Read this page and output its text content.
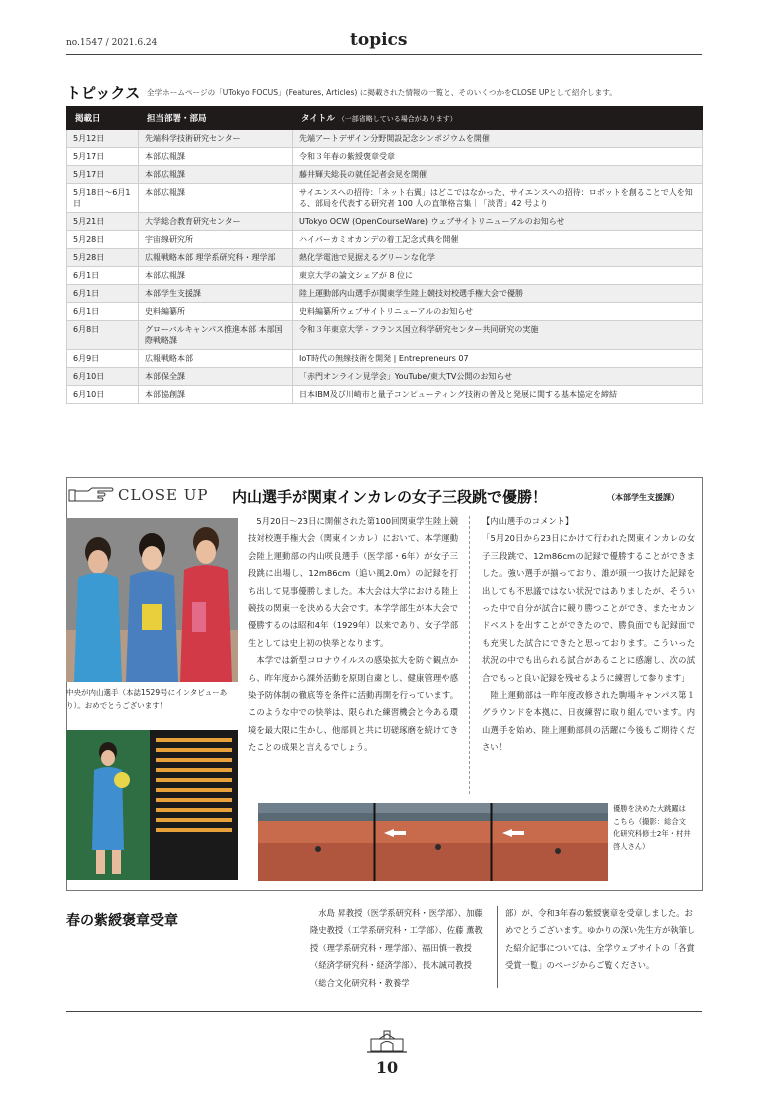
no.1547 / 2021.6.24	topics
トピックス 全学ホームページの「UTokyo FOCUS」(Features, Articles) に掲載された情報の一覧と、そのいくつかをCLOSE UPとして紹介します。
掲載日	担当部署・部局	タイトル （一部省略している場合があります）
5月12日	先端科学技術研究センター	先端アートデザイン分野開設記念シンポジウムを開催
5月17日	本部広報課	令和３年春の紫綬褒章受章
5月17日	本部広報課	藤井輝夫総長の就任記者会見を開催
5月18日～6月1日	本部広報課	サイエンスへの招待：「ネット右翼」はどこではなかった、サイエンスへの招待：ロボットを創ることで人を知る、部局を代表する研究者 100 人の直筆格言集｜「淡青」42 号より
5月21日	大学総合教育研究センター	UTokyo OCW (OpenCourseWare) ウェブサイトリニューアルのお知らせ
5月28日	宇宙線研究所	ハイパーカミオカンデの着工記念式典を開催
5月28日	広報戦略本部 理学系研究科・理学部	熱化学電池で見据えるグリーンな化学
6月1日	本部広報課	東京大学の論文シェアが 8 位に
6月1日	本部学生支援課	陸上運動部内山選手が関東学生陸上競技対校選手権大会で優勝
6月1日	史料編纂所	史料編纂所ウェブサイトリニューアルのお知らせ
6月8日	グローバルキャンパス推進本部 本部国際戦略課	令和３年東京大学 - フランス国立科学研究センター共同研究の実施
6月9日	広報戦略本部	IoT時代の無線技術を開発 | Entrepreneurs 07
6月10日	本部保全課	「赤門オンライン見学会」YouTube/東大TV公開のお知らせ
6月10日	本部協創課	日本IBM及び川崎市と量子コンピューティング技術の普及と発展に関する基本協定を締結
CLOSE UP 内山選手が関東インカレの女子三段跳で優勝！	（本部学生支援課）
中央が内山選手（本誌1529号にインタビューあり）。おめでとうございます！
　5月20日～23日に開催された第100回関東学生陸上競技対校選手権大会（関東インカレ）において、本学運動会陸上運動部の内山咲良選手（医学部・6年）が女子三段跳に出場し、12m86cm（追い風2.0m）の記録を打ち出して見事優勝しました。本大会は大学における陸上競技の関東一を決める大会です。本学学部生が本大会で優勝するのは昭和4年（1929年）以来であり、女子学部生としては史上初の快挙となります。
　本学では新型コロナウイルスの感染拡大を防ぐ観点から、昨年度から課外活動を原則自粛とし、健康管理や感染予防体制の徹底等を条件に活動再開を行っています。このような中での快挙は、限られた練習機会と今ある環境を最大限に生かし、他部員と共に切磋琢磨を続けてきたことの成果と言えるでしょう。
【内山選手のコメント】
「5月20日から23日にかけて行われた関東インカレの女子三段跳で、12m86cmの記録で優勝することができました。強い選手が揃っており、誰が頭一つ抜けた記録を出しても不思議ではない状況ではありましたが、そういった中で自分が試合に競り勝つことができ、またセカンドベストを出すことができたので、勝負面でも記録面でも充実した試合にできたと思っております。こういった状況の中でも出られる試合があることに感謝し、次の試合でもっと良い記録を残せるように練習して参ります」
　陸上運動部は一昨年度改修された駒場キャンパス第１グラウンドを本拠に、日夜練習に取り組んでいます。内山選手を始め、陸上運動部員の活躍に今後もご期待ください！
優勝を決めた大跳躍はこちら（撮影：総合文化研究科修士2年・村井啓人さん）
春の紫綬褒章受章	　水島 昇教授（医学系研究科・医学部）、加藤隆史教授（工学系研究科・工学部）、佐藤 薫教授（理学系研究科・理学部）、福田慎一教授（経済学研究科・経済学部）、長木誠司教授（総合文化研究科・教養学
部）が、令和3年春の紫綬褒章を受章しました。おめでとうございます。ゆかりの深い先生方が執筆した紹介記事については、全学ウェブサイトの「各賞受賞一覧」のページからご覧ください。
10
